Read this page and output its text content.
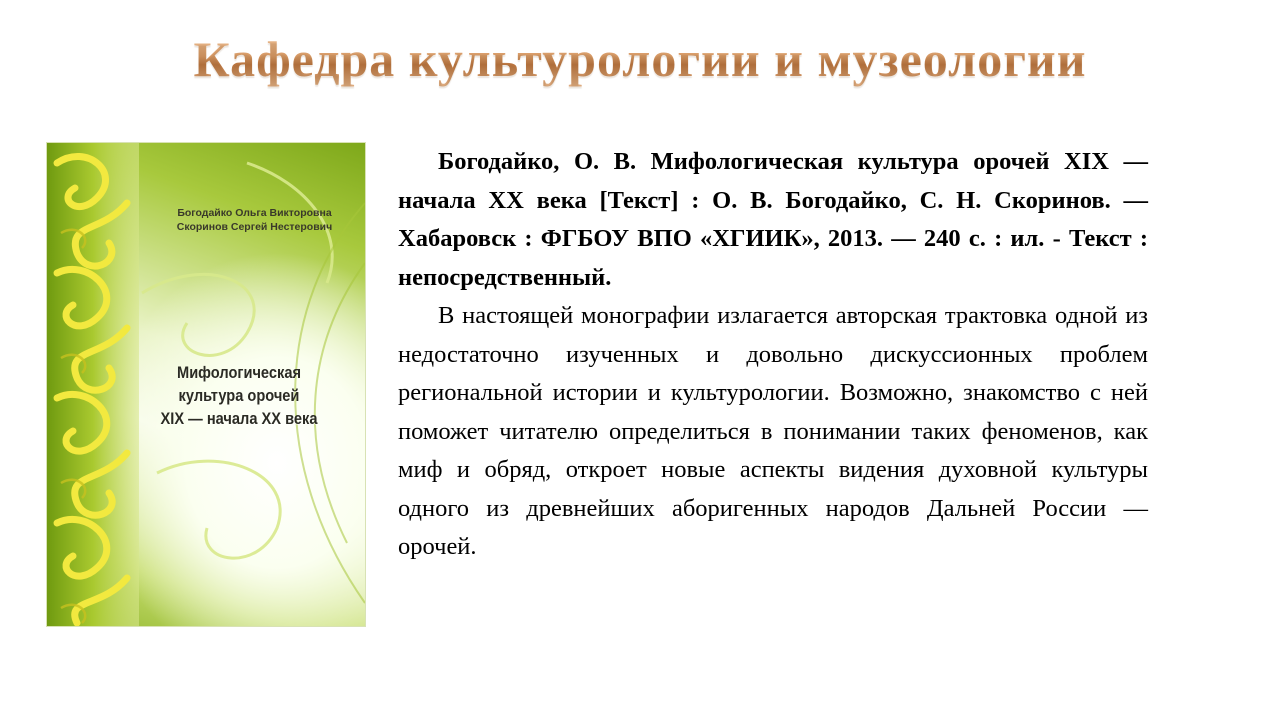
Кафедра культурологии и музеологии
Богодайко Ольга Викторовна
Скоринов Сергей Нестерович
Мифологическая
культура орочей
XIX — начала XX века

Богодайко, О. В. Мифологическая культура орочей XIX — начала XX века [Текст] : О. В. Богодайко, С. Н. Скоринов. — Хабаровск : ФГБОУ ВПО «ХГИИК», 2013. — 240 с. : ил. - Текст : непосредственный.

В настоящей монографии излагается авторская трактовка одной из недостаточно изученных и довольно дискуссионных проблем региональной истории и культурологии. Возможно, знакомство с ней поможет читателю определиться в понимании таких феноменов, как миф и обряд, откроет новые аспекты видения духовной культуры одного из древнейших аборигенных народов Дальней России — орочей.
